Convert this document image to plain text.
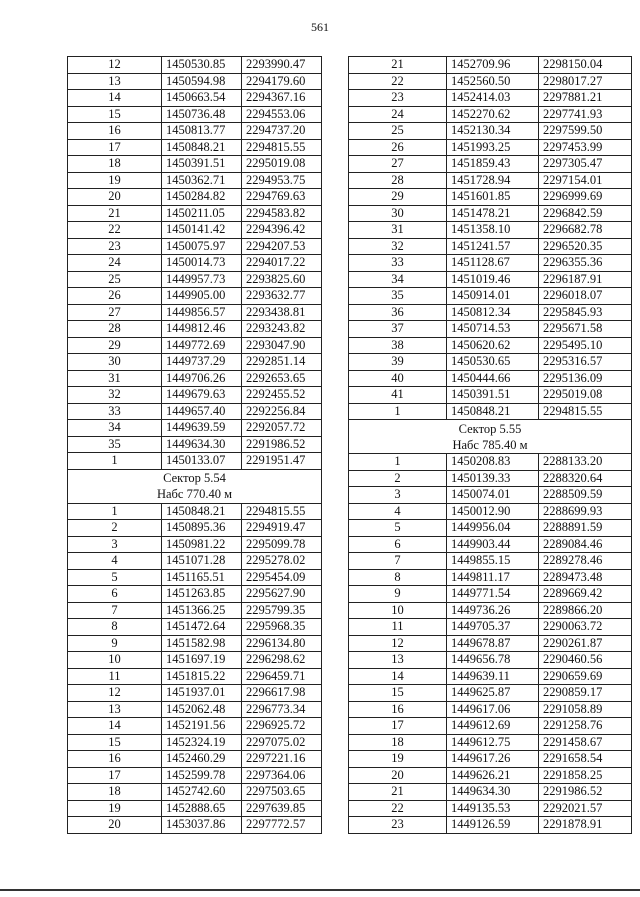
561
12	1450530.85	2293990.47
13	1450594.98	2294179.60
14	1450663.54	2294367.16
15	1450736.48	2294553.06
16	1450813.77	2294737.20
17	1450848.21	2294815.55
18	1450391.51	2295019.08
19	1450362.71	2294953.75
20	1450284.82	2294769.63
21	1450211.05	2294583.82
22	1450141.42	2294396.42
23	1450075.97	2294207.53
24	1450014.73	2294017.22
25	1449957.73	2293825.60
26	1449905.00	2293632.77
27	1449856.57	2293438.81
28	1449812.46	2293243.82
29	1449772.69	2293047.90
30	1449737.29	2292851.14
31	1449706.26	2292653.65
32	1449679.63	2292455.52
33	1449657.40	2292256.84
34	1449639.59	2292057.72
35	1449634.30	2291986.52
1	1450133.07	2291951.47

Сектор 5.54
Набс 770.40 м		

1	1450848.21	2294815.55
2	1450895.36	2294919.47
3	1450981.22	2295099.78
4	1451071.28	2295278.02
5	1451165.51	2295454.09
6	1451263.85	2295627.90
7	1451366.25	2295799.35
8	1451472.64	2295968.35
9	1451582.98	2296134.80
10	1451697.19	2296298.62
11	1451815.22	2296459.71
12	1451937.01	2296617.98
13	1452062.48	2296773.34
14	1452191.56	2296925.72
15	1452324.19	2297075.02
16	1452460.29	2297221.16
17	1452599.78	2297364.06
18	1452742.60	2297503.65
19	1452888.65	2297639.85
20	1453037.86	2297772.57
21	1452709.96	2298150.04
22	1452560.50	2298017.27
23	1452414.03	2297881.21
24	1452270.62	2297741.93
25	1452130.34	2297599.50
26	1451993.25	2297453.99
27	1451859.43	2297305.47
28	1451728.94	2297154.01
29	1451601.85	2296999.69
30	1451478.21	2296842.59
31	1451358.10	2296682.78
32	1451241.57	2296520.35
33	1451128.67	2296355.36
34	1451019.46	2296187.91
35	1450914.01	2296018.07
36	1450812.34	2295845.93
37	1450714.53	2295671.58
38	1450620.62	2295495.10
39	1450530.65	2295316.57
40	1450444.66	2295136.09
41	1450391.51	2295019.08
1	1450848.21	2294815.55

Сектор 5.55
Набс 785.40 м		

1	1450208.83	2288133.20
2	1450139.33	2288320.64
3	1450074.01	2288509.59
4	1450012.90	2288699.93
5	1449956.04	2288891.59
6	1449903.44	2289084.46
7	1449855.15	2289278.46
8	1449811.17	2289473.48
9	1449771.54	2289669.42
10	1449736.26	2289866.20
11	1449705.37	2290063.72
12	1449678.87	2290261.87
13	1449656.78	2290460.56
14	1449639.11	2290659.69
15	1449625.87	2290859.17
16	1449617.06	2291058.89
17	1449612.69	2291258.76
18	1449612.75	2291458.67
19	1449617.26	2291658.54
20	1449626.21	2291858.25
21	1449634.30	2291986.52
22	1449135.53	2292021.57
23	1449126.59	2291878.91
